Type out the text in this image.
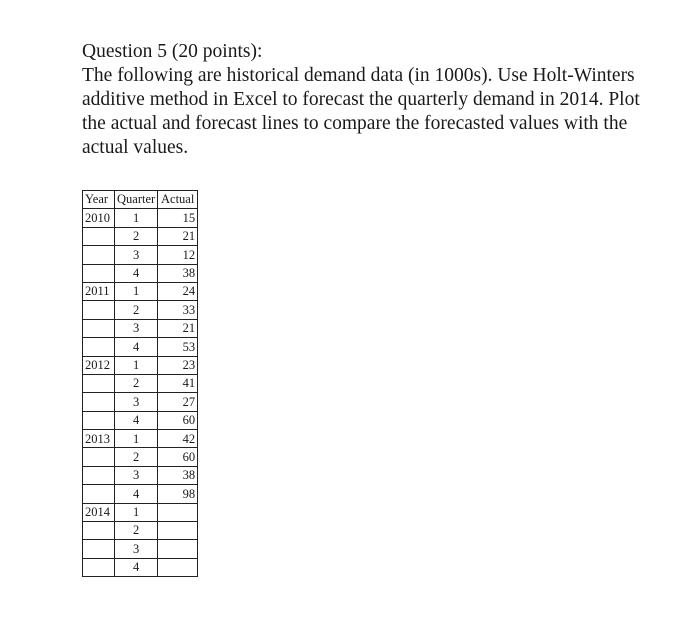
Question 5 (20 points):
The following are historical demand data (in 1000s). Use Holt-Winters additive method in Excel to forecast the quarterly demand in 2014. Plot the actual and forecast lines to compare the forecasted values with the actual values.
Year	Quarter	Actual
2010	1	15
	2	21
	3	12
	4	38
2011	1	24
	2	33
	3	21
	4	53
2012	1	23
	2	41
	3	27
	4	60
2013	1	42
	2	60
	3	38
	4	98
2014	1	
	2	
	3	
	4	
